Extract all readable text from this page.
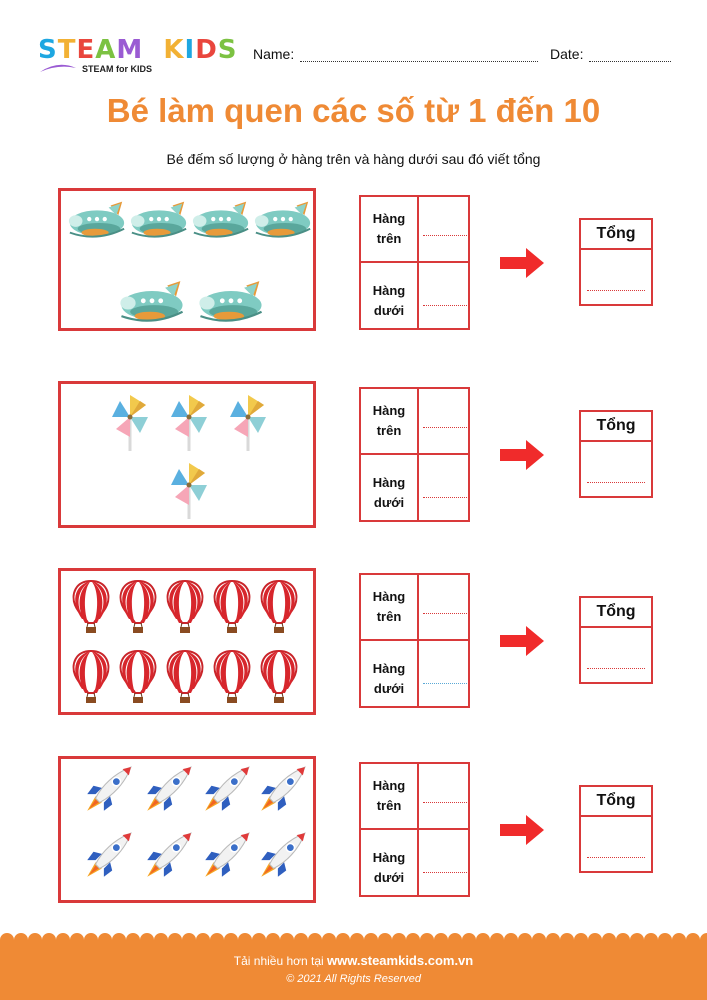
STEAM  KIDS
STEAM for KIDS
Name:	Date:
Bé làm quen các số từ 1 đến 10
Bé đếm số lượng ở hàng trên và hàng dưới sau đó viết tổng
Hàng
trên
Hàng
dưới
Tổng
Hàng
trên
Hàng
dưới
Tổng
Hàng
trên
Hàng
dưới
Tổng
Hàng
trên
Hàng
dưới
Tổng
Tải nhiều hơn tại www.steamkids.com.vn
© 2021 All Rights Reserved
